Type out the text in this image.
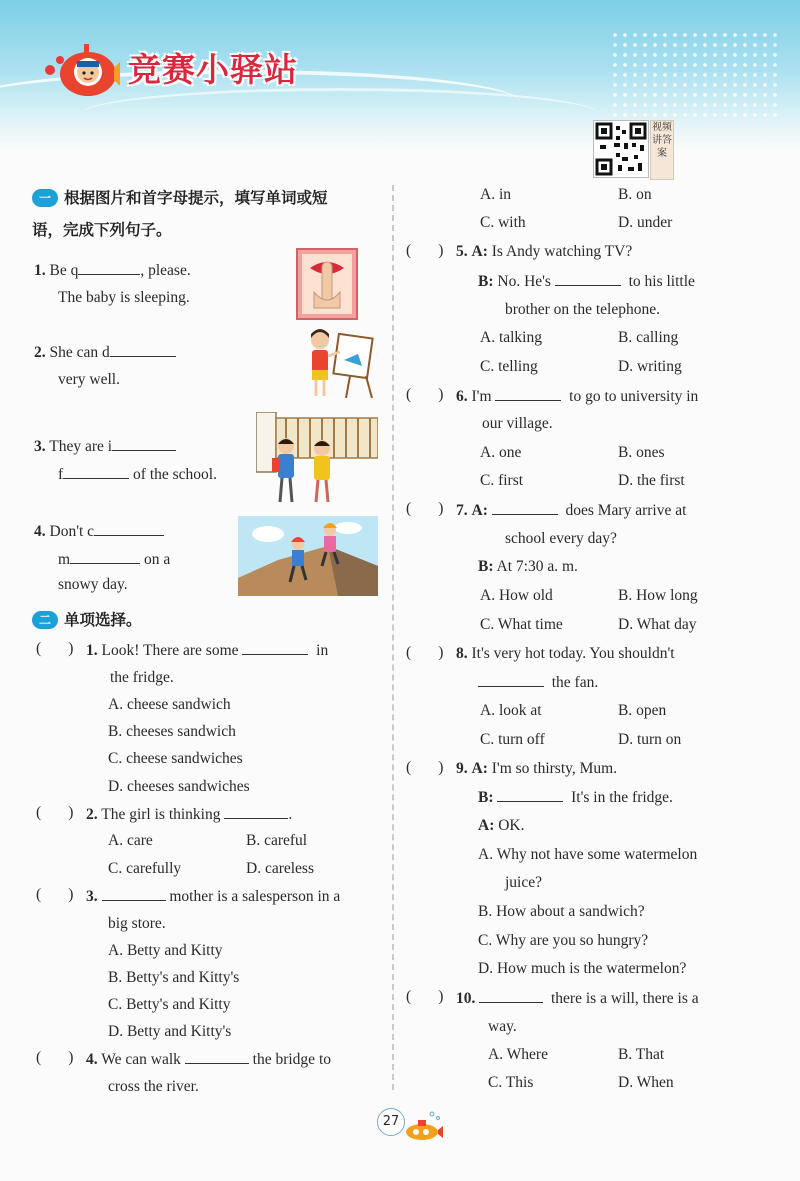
竞赛小驿站
视频讲答案
一 根据图片和首字母提示，填写单词或短
语，完成下列句子。
1. Be q	, please.
The baby is sleeping.
2. She can d
very well.
3. They are i
f	of the school.
4. Don't c
m	on a
snowy day.
二 单项选择。
(       ) 1. Look! There are some	in
the fridge.
A. cheese sandwich
B. cheeses sandwich
C. cheese sandwiches
D. cheeses sandwiches
(       ) 2. The girl is thinking	.
A. care	B. careful
C. carefully	D. careless
(       ) 3.	mother is a salesperson in a
big store.
A. Betty and Kitty
B. Betty's and Kitty's
C. Betty's and Kitty
D. Betty and Kitty's
(       ) 4. We can walk	the bridge to
cross the river.
A. in	B. on
C. with	D. under
(       ) 5. A: Is Andy watching TV?
B: No. He's	to his little
brother on the telephone.
A. talking	B. calling
C. telling	D. writing
(       ) 6. I'm	to go to university in
our village.
A. one	B. ones
C. first	D. the first
(       ) 7. A:	does Mary arrive at
school every day?
B: At 7:30 a. m.
A. How old	B. How long
C. What time	D. What day
(       ) 8. It's very hot today. You shouldn't
the fan.
A. look at	B. open
C. turn off	D. turn on
(       ) 9. A: I'm so thirsty, Mum.
B:	It's in the fridge.
A: OK.
A. Why not have some watermelon
juice?
B. How about a sandwich?
C. Why are you so hungry?
D. How much is the watermelon?
(       ) 10.	there is a will, there is a
way.
A. Where	B. That
C. This	D. When
27
